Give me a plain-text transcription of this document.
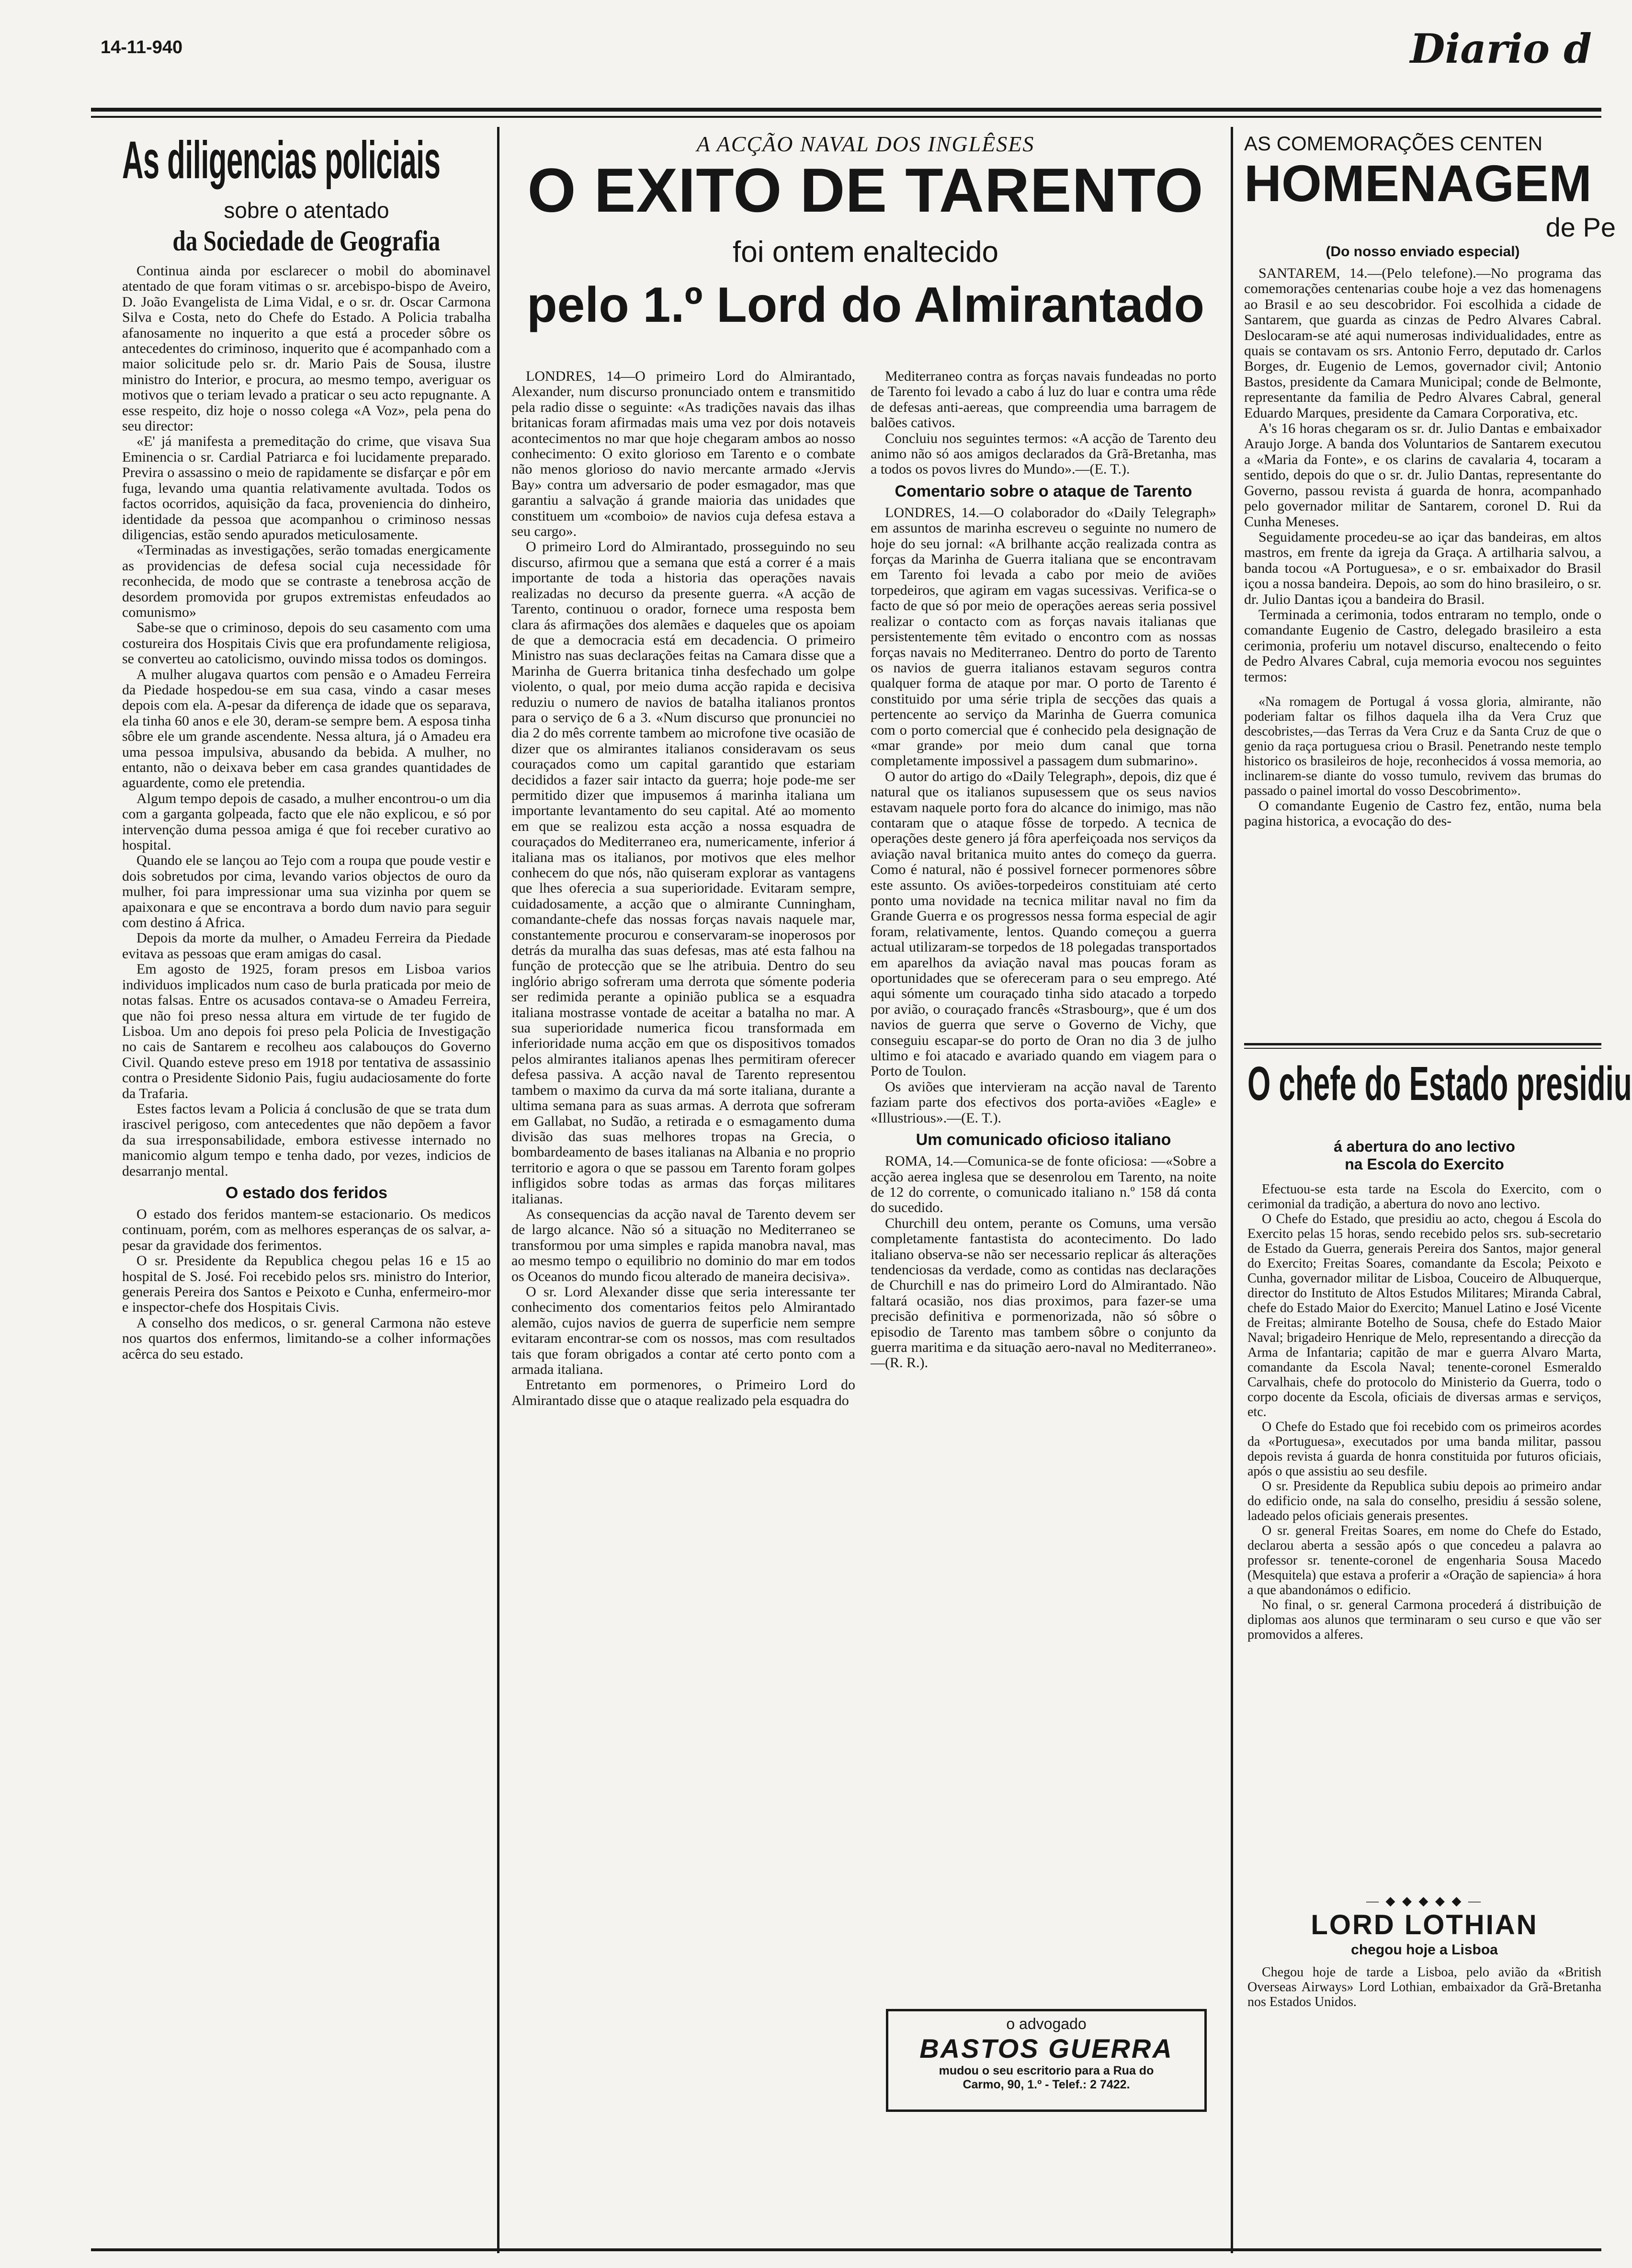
14-11-940	Diario d
As diligencias policiais
sobre o atentado
da Sociedade de Geografia

Continua ainda por esclarecer o mobil do abominavel atentado de que foram vitimas o sr. arcebispo-bispo de Aveiro, D. João Evangelista de Lima Vidal, e o sr. dr. Oscar Carmona Silva e Costa, neto do Chefe do Estado. A Policia trabalha afanosamente no inquerito a que está a proceder sôbre os antecedentes do criminoso, inquerito que é acompanhado com a maior solicitude pelo sr. dr. Mario Pais de Sousa, ilustre ministro do Interior, e procura, ao mesmo tempo, averiguar os motivos que o teriam levado a praticar o seu acto repugnante. A esse respeito, diz hoje o nosso colega «A Voz», pela pena do seu director:

«E' já manifesta a premeditação do crime, que visava Sua Eminencia o sr. Cardial Patriarca e foi lucidamente preparado. Previra o assassino o meio de rapidamente se disfarçar e pôr em fuga, levando uma quantia relativamente avultada. Todos os factos ocorridos, aquisição da faca, proveniencia do dinheiro, identidade da pessoa que acompanhou o criminoso nessas diligencias, estão sendo apurados meticulosamente.

«Terminadas as investigações, serão tomadas energicamente as providencias de defesa social cuja necessidade fôr reconhecida, de modo que se contraste a tenebrosa acção de desordem promovida por grupos extremistas enfeudados ao comunismo»

Sabe-se que o criminoso, depois do seu casamento com uma costureira dos Hospitais Civis que era profundamente religiosa, se converteu ao catolicismo, ouvindo missa todos os domingos.

A mulher alugava quartos com pensão e o Amadeu Ferreira da Piedade hospedou-se em sua casa, vindo a casar meses depois com ela. A-pesar da diferença de idade que os separava, ela tinha 60 anos e ele 30, deram-se sempre bem. A esposa tinha sôbre ele um grande ascendente. Nessa altura, já o Amadeu era uma pessoa impulsiva, abusando da bebida. A mulher, no entanto, não o deixava beber em casa grandes quantidades de aguardente, como ele pretendia.

Algum tempo depois de casado, a mulher encontrou-o um dia com a garganta golpeada, facto que ele não explicou, e só por intervenção duma pessoa amiga é que foi receber curativo ao hospital.

Quando ele se lançou ao Tejo com a roupa que poude vestir e dois sobretudos por cima, levando varios objectos de ouro da mulher, foi para impressionar uma sua vizinha por quem se apaixonara e que se encontrava a bordo dum navio para seguir com destino á Africa.

Depois da morte da mulher, o Amadeu Ferreira da Piedade evitava as pessoas que eram amigas do casal.

Em agosto de 1925, foram presos em Lisboa varios individuos implicados num caso de burla praticada por meio de notas falsas. Entre os acusados contava-se o Amadeu Ferreira, que não foi preso nessa altura em virtude de ter fugido de Lisboa. Um ano depois foi preso pela Policia de Investigação no cais de Santarem e recolheu aos calabouços do Governo Civil. Quando esteve preso em 1918 por tentativa de assassinio contra o Presidente Sidonio Pais, fugiu audaciosamente do forte da Trafaria.

Estes factos levam a Policia á conclusão de que se trata dum irascivel perigoso, com antecedentes que não depõem a favor da sua irresponsabilidade, embora estivesse internado no manicomio algum tempo e tenha dado, por vezes, indicios de desarranjo mental.

O estado dos feridos

O estado dos feridos mantem-se estacionario. Os medicos continuam, porém, com as melhores esperanças de os salvar, a-pesar da gravidade dos ferimentos.

O sr. Presidente da Republica chegou pelas 16 e 15 ao hospital de S. José. Foi recebido pelos srs. ministro do Interior, generais Pereira dos Santos e Peixoto e Cunha, enfermeiro-mor e inspector-chefe dos Hospitais Civis.

A conselho dos medicos, o sr. general Carmona não esteve nos quartos dos enfermos, limitando-se a colher informações acêrca do seu estado.

A ACÇÃO NAVAL DOS INGLÊSES
O EXITO DE TARENTO
foi ontem enaltecido
pelo 1.º Lord do Almirantado

LONDRES, 14—O primeiro Lord do Almirantado, Alexander, num discurso pronunciado ontem e transmitido pela radio disse o seguinte: «As tradições navais das ilhas britanicas foram afirmadas mais uma vez por dois notaveis acontecimentos no mar que hoje chegaram ambos ao nosso conhecimento: O exito glorioso em Tarento e o combate não menos glorioso do navio mercante armado «Jervis Bay» contra um adversario de poder esmagador, mas que garantiu a salvação á grande maioria das unidades que constituem um «comboio» de navios cuja defesa estava a seu cargo».

O primeiro Lord do Almirantado, prosseguindo no seu discurso, afirmou que a semana que está a correr é a mais importante de toda a historia das operações navais realizadas no decurso da presente guerra. «A acção de Tarento, continuou o orador, fornece uma resposta bem clara ás afirmações dos alemães e daqueles que os apoiam de que a democracia está em decadencia. O primeiro Ministro nas suas declarações feitas na Camara disse que a Marinha de Guerra britanica tinha desfechado um golpe violento, o qual, por meio duma acção rapida e decisiva reduziu o numero de navios de batalha italianos prontos para o serviço de 6 a 3. «Num discurso que pronunciei no dia 2 do mês corrente tambem ao microfone tive ocasião de dizer que os almirantes italianos consideravam os seus couraçados como um capital garantido que estariam decididos a fazer sair intacto da guerra; hoje pode-me ser permitido dizer que impusemos á marinha italiana um importante levantamento do seu capital. Até ao momento em que se realizou esta acção a nossa esquadra de couraçados do Mediterraneo era, numericamente, inferior á italiana mas os italianos, por motivos que eles melhor conhecem do que nós, não quiseram explorar as vantagens que lhes oferecia a sua superioridade. Evitaram sempre, cuidadosamente, a acção que o almirante Cunningham, comandante-chefe das nossas forças navais naquele mar, constantemente procurou e conservaram-se inoperosos por detrás da muralha das suas defesas, mas até esta falhou na função de protecção que se lhe atribuia. Dentro do seu inglório abrigo sofreram uma derrota que sómente poderia ser redimida perante a opinião publica se a esquadra italiana mostrasse vontade de aceitar a batalha no mar. A sua superioridade numerica ficou transformada em inferioridade numa acção em que os dispositivos tomados pelos almirantes italianos apenas lhes permitiram oferecer defesa passiva. A acção naval de Tarento representou tambem o maximo da curva da má sorte italiana, durante a ultima semana para as suas armas. A derrota que sofreram em Gallabat, no Sudão, a retirada e o esmagamento duma divisão das suas melhores tropas na Grecia, o bombardeamento de bases italianas na Albania e no proprio territorio e agora o que se passou em Tarento foram golpes infligidos sobre todas as armas das forças militares italianas.

As consequencias da acção naval de Tarento devem ser de largo alcance. Não só a situação no Mediterraneo se transformou por uma simples e rapida manobra naval, mas ao mesmo tempo o equilibrio no dominio do mar em todos os Oceanos do mundo ficou alterado de maneira decisiva».

O sr. Lord Alexander disse que seria interessante ter conhecimento dos comentarios feitos pelo Almirantado alemão, cujos navios de guerra de superficie nem sempre evitaram encontrar-se com os nossos, mas com resultados tais que foram obrigados a contar até certo ponto com a armada italiana.

Entretanto em pormenores, o Primeiro Lord do Almirantado disse que o ataque realizado pela esquadra do

Mediterraneo contra as forças navais fundeadas no porto de Tarento foi levado a cabo á luz do luar e contra uma rêde de defesas anti-aereas, que compreendia uma barragem de balões cativos.

Concluiu nos seguintes termos: «A acção de Tarento deu animo não só aos amigos declarados da Grã-Bretanha, mas a todos os povos livres do Mundo».—(E. T.).

Comentario sobre o ataque de Tarento

LONDRES, 14.—O colaborador do «Daily Telegraph» em assuntos de marinha escreveu o seguinte no numero de hoje do seu jornal: «A brilhante acção realizada contra as forças da Marinha de Guerra italiana que se encontravam em Tarento foi levada a cabo por meio de aviões torpedeiros, que agiram em vagas sucessivas. Verifica-se o facto de que só por meio de operações aereas seria possivel realizar o contacto com as forças navais italianas que persistentemente têm evitado o encontro com as nossas forças navais no Mediterraneo. Dentro do porto de Tarento os navios de guerra italianos estavam seguros contra qualquer forma de ataque por mar. O porto de Tarento é constituido por uma série tripla de secções das quais a pertencente ao serviço da Marinha de Guerra comunica com o porto comercial que é conhecido pela designação de «mar grande» por meio dum canal que torna completamente impossivel a passagem dum submarino».

O autor do artigo do «Daily Telegraph», depois, diz que é natural que os italianos supusessem que os seus navios estavam naquele porto fora do alcance do inimigo, mas não contaram que o ataque fôsse de torpedo. A tecnica de operações deste genero já fôra aperfeiçoada nos serviços da aviação naval britanica muito antes do começo da guerra. Como é natural, não é possivel fornecer pormenores sôbre este assunto. Os aviões-torpedeiros constituiam até certo ponto uma novidade na tecnica militar naval no fim da Grande Guerra e os progressos nessa forma especial de agir foram, relativamente, lentos. Quando começou a guerra actual utilizaram-se torpedos de 18 polegadas transportados em aparelhos da aviação naval mas poucas foram as oportunidades que se ofereceram para o seu emprego. Até aqui sómente um couraçado tinha sido atacado a torpedo por avião, o couraçado francês «Strasbourg», que é um dos navios de guerra que serve o Governo de Vichy, que conseguiu escapar-se do porto de Oran no dia 3 de julho ultimo e foi atacado e avariado quando em viagem para o Porto de Toulon.

Os aviões que intervieram na acção naval de Tarento faziam parte dos efectivos dos porta-aviões «Eagle» e «Illustrious».—(E. T.).

Um comunicado oficioso italiano

ROMA, 14.—Comunica-se de fonte oficiosa: —«Sobre a acção aerea inglesa que se desenrolou em Tarento, na noite de 12 do corrente, o comunicado italiano n.º 158 dá conta do sucedido.

Churchill deu ontem, perante os Comuns, uma versão completamente fantastista do acontecimento. Do lado italiano observa-se não ser necessario replicar ás alterações tendenciosas da verdade, como as contidas nas declarações de Churchill e nas do primeiro Lord do Almirantado. Não faltará ocasião, nos dias proximos, para fazer-se uma precisão definitiva e pormenorizada, não só sôbre o episodio de Tarento mas tambem sôbre o conjunto da guerra maritima e da situação aero-naval no Mediterraneo».—(R. R.).

o advogado
BASTOS GUERRA
mudou o seu escritorio para a Rua do
Carmo, 90, 1.º - Telef.: 2 7422.
AS COMEMORAÇÕES CENTEN
HOMENAGEM
de Pe
(Do nosso enviado especial)

SANTAREM, 14.—(Pelo telefone).—No programa das comemorações centenarias coube hoje a vez das homenagens ao Brasil e ao seu descobridor. Foi escolhida a cidade de Santarem, que guarda as cinzas de Pedro Alvares Cabral. Deslocaram-se até aqui numerosas individualidades, entre as quais se contavam os srs. Antonio Ferro, deputado dr. Carlos Borges, dr. Eugenio de Lemos, governador civil; Antonio Bastos, presidente da Camara Municipal; conde de Belmonte, representante da familia de Pedro Alvares Cabral, general Eduardo Marques, presidente da Camara Corporativa, etc.

A's 16 horas chegaram os sr. dr. Julio Dantas e embaixador Araujo Jorge. A banda dos Voluntarios de Santarem executou a «Maria da Fonte», e os clarins de cavalaria 4, tocaram a sentido, depois do que o sr. dr. Julio Dantas, representante do Governo, passou revista á guarda de honra, acompanhado pelo governador militar de Santarem, coronel D. Rui da Cunha Meneses.

Seguidamente procedeu-se ao içar das bandeiras, em altos mastros, em frente da igreja da Graça. A artilharia salvou, a banda tocou «A Portuguesa», e o sr. embaixador do Brasil içou a nossa bandeira. Depois, ao som do hino brasileiro, o sr. dr. Julio Dantas içou a bandeira do Brasil.

Terminada a cerimonia, todos entraram no templo, onde o comandante Eugenio de Castro, delegado brasileiro a esta cerimonia, proferiu um notavel discurso, enaltecendo o feito de Pedro Alvares Cabral, cuja memoria evocou nos seguintes termos:

«Na romagem de Portugal á vossa gloria, almirante, não poderiam faltar os filhos daquela ilha da Vera Cruz que descobristes,—das Terras da Vera Cruz e da Santa Cruz de que o genio da raça portuguesa criou o Brasil. Penetrando neste templo historico os brasileiros de hoje, reconhecidos á vossa memoria, ao inclinarem-se diante do vosso tumulo, revivem das brumas do passado o painel imortal do vosso Descobrimento».

O comandante Eugenio de Castro fez, então, numa bela pagina historica, a evocação do des-

O chefe do Estado presidiu
á abertura do ano lectivo
na Escola do Exercito

Efectuou-se esta tarde na Escola do Exercito, com o cerimonial da tradição, a abertura do novo ano lectivo.

O Chefe do Estado, que presidiu ao acto, chegou á Escola do Exercito pelas 15 horas, sendo recebido pelos srs. sub-secretario de Estado da Guerra, generais Pereira dos Santos, major general do Exercito; Freitas Soares, comandante da Escola; Peixoto e Cunha, governador militar de Lisboa, Couceiro de Albuquerque, director do Instituto de Altos Estudos Militares; Miranda Cabral, chefe do Estado Maior do Exercito; Manuel Latino e José Vicente de Freitas; almirante Botelho de Sousa, chefe do Estado Maior Naval; brigadeiro Henrique de Melo, representando a direcção da Arma de Infantaria; capitão de mar e guerra Alvaro Marta, comandante da Escola Naval; tenente-coronel Esmeraldo Carvalhais, chefe do protocolo do Ministerio da Guerra, todo o corpo docente da Escola, oficiais de diversas armas e serviços, etc.

O Chefe do Estado que foi recebido com os primeiros acordes da «Portuguesa», executados por uma banda militar, passou depois revista á guarda de honra constituida por futuros oficiais, após o que assistiu ao seu desfile.

O sr. Presidente da Republica subiu depois ao primeiro andar do edificio onde, na sala do conselho, presidiu á sessão solene, ladeado pelos oficiais generais presentes.

O sr. general Freitas Soares, em nome do Chefe do Estado, declarou aberta a sessão após o que concedeu a palavra ao professor sr. tenente-coronel de engenharia Sousa Macedo (Mesquitela) que estava a proferir a «Oração de sapiencia» á hora a que abandonámos o edificio.

No final, o sr. general Carmona procederá á distribuição de diplomas aos alunos que terminaram o seu curso e que vão ser promovidos a alferes.

— ◆ ◆ ◆ ◆ ◆ —
LORD LOTHIAN
chegou hoje a Lisboa

Chegou hoje de tarde a Lisboa, pelo avião da «British Overseas Airways» Lord Lothian, embaixador da Grã-Bretanha nos Estados Unidos.
